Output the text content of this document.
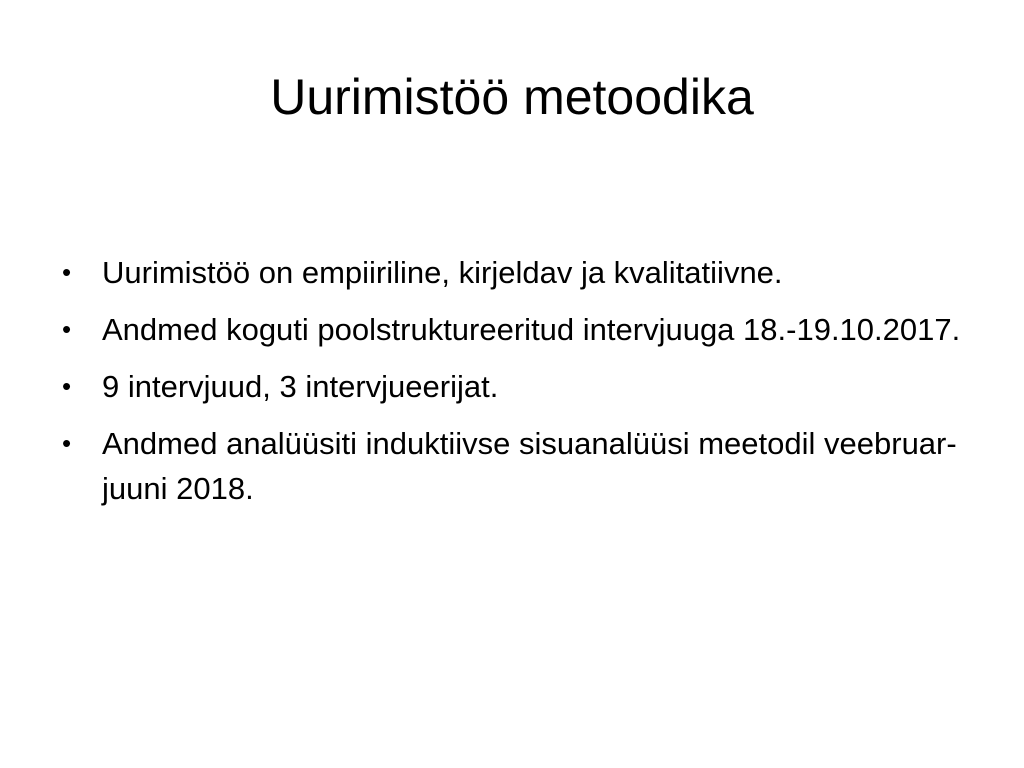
Uurimistöö metoodika
• Uurimistöö on empiiriline, kirjeldav ja kvalitatiivne.
• Andmed koguti poolstruktureeritud intervjuuga 18.-19.10.2017.
• 9 intervjuud, 3 intervjueerijat.
• Andmed analüüsiti induktiivse sisuanalüüsi meetodil veebruar-juuni 2018.
